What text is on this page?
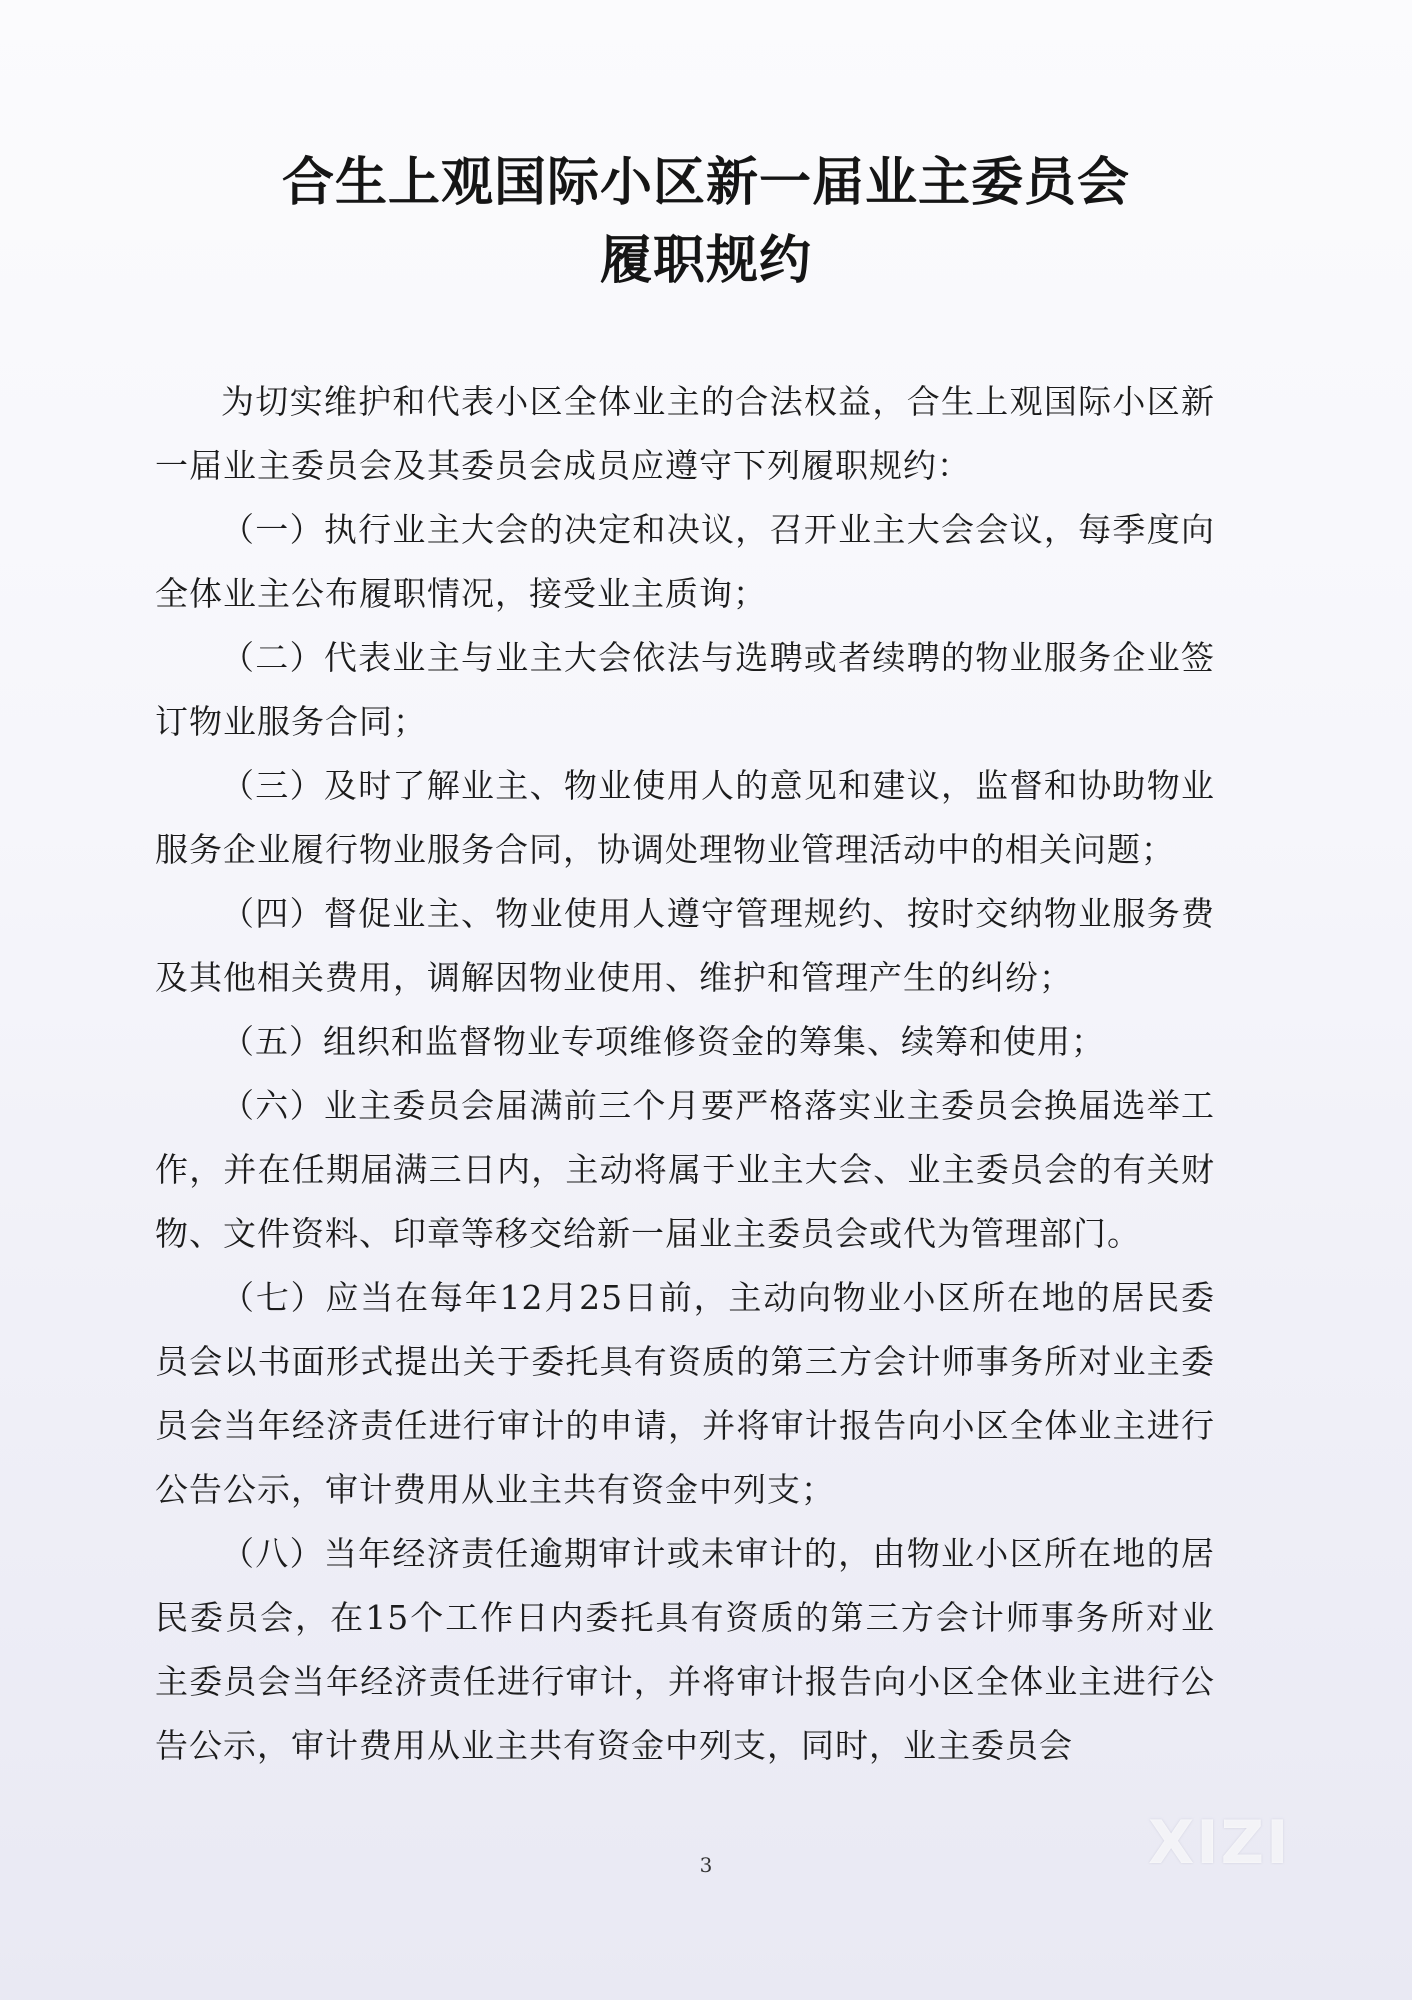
合生上观国际小区新一届业主委员会
履职规约

为切实维护和代表小区全体业主的合法权益，合生上观国际小区新一届业主委员会及其委员会成员应遵守下列履职规约：

（一）执行业主大会的决定和决议，召开业主大会会议，每季度向全体业主公布履职情况，接受业主质询；

（二）代表业主与业主大会依法与选聘或者续聘的物业服务企业签订物业服务合同；

（三）及时了解业主、物业使用人的意见和建议，监督和协助物业服务企业履行物业服务合同，协调处理物业管理活动中的相关问题；

（四）督促业主、物业使用人遵守管理规约、按时交纳物业服务费及其他相关费用，调解因物业使用、维护和管理产生的纠纷；

（五）组织和监督物业专项维修资金的筹集、续筹和使用；

（六）业主委员会届满前三个月要严格落实业主委员会换届选举工作，并在任期届满三日内，主动将属于业主大会、业主委员会的有关财物、文件资料、印章等移交给新一届业主委员会或代为管理部门。

（七）应当在每年12月25日前，主动向物业小区所在地的居民委员会以书面形式提出关于委托具有资质的第三方会计师事务所对业主委员会当年经济责任进行审计的申请，并将审计报告向小区全体业主进行公告公示，审计费用从业主共有资金中列支；

（八）当年经济责任逾期审计或未审计的，由物业小区所在地的居民委员会，在15个工作日内委托具有资质的第三方会计师事务所对业主委员会当年经济责任进行审计，并将审计报告向小区全体业主进行公告公示，审计费用从业主共有资金中列支，同时，业主委员会

3	XIZI
